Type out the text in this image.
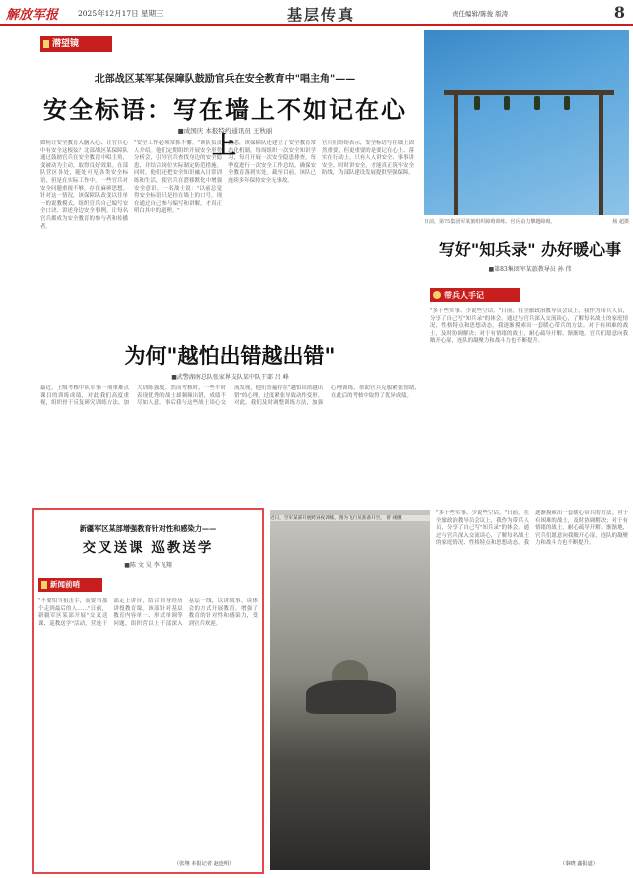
解放军报	2025年12月17日 星期三	基层传真	责任编辑/陈俊 版涛	8
潜望镜
北部战区某军某保障队鼓励官兵在安全教育中"唱主角"——
安全标语：写在墙上不如记在心上
■成国庆 本报特约通讯员 王秋丽
如何让安全教育入脑入心、让官兵心中有安全这根弦？北部战区某保障队通过鼓励官兵在安全教育中唱主角，变被动为主动，取得良好效果。在部队营区各处，随处可见各类安全标语，但是在实际工作中，一些官兵对安全问题重视不够，存在麻痹思想。针对这一情况，该保障队改变以往单一的说教模式，组织官兵自己编写安全口诀、讲述身边安全事例，让每名官兵都成为安全教育的参与者和传播者。
"安全工作必须常抓不懈。"该队负责人介绍。他们定期组织开展安全形势分析会，引导官兵查找身边的安全隐患，并结合岗位实际制定防范措施。同时，他们还把安全知识融入日常训练和生活，使官兵在潜移默化中增强安全意识。一名战士说："以前总觉得安全标语只是挂在墙上的口号，现在通过自己参与编写和讲解，才真正明白其中的道理。"
据悉，该保障队还建立了安全教育常态化机制，每周组织一次安全知识学习，每月开展一次安全隐患排查，每季度进行一次安全工作总结，确保安全教育落到实处。截至目前，该队已连续多年保持安全无事故。
官兵们纷纷表示，安全标语写在墙上固然重要，但更重要的是要记在心上、落实在行动上。只有人人讲安全、事事讲安全、时时讲安全，才能真正筑牢安全防线，为部队建设发展提供坚强保障。
日前，第75集团军某旅组织障碍训练。官兵奋力攀越障碍。	杨 超摄
写好"知兵录" 办好暖心事
■第83集团军某旅教导员 孙 伟
带兵人手记
"多干些实事、少说些空话。"日前，在全旅政治教导员会议上，我作为带兵人员，分享了自己写"知兵录"的体会。通过与官兵深入交流谈心，了解每名战士的家庭情况、性格特点和思想动态，我逐渐摸索出一套暖心带兵的方法。对于有困难的战士，及时协调解决；对于有情绪的战士，耐心疏导开解。渐渐地，官兵们愿意向我敞开心扉，连队的凝聚力和战斗力也不断提升。
为何"越怕出错越出错"
■武警湖南总队张家界支队某中队干部 吕 峰
最近，上级考核中队军事一项重难点课目的训练成绩，对此我们高度重视，组织骨干反复研究训练方法，加大训练强度。然而考核时，一些平时表现优秀的战士却频频出错，成绩不尽如人意。事后我与这些战士谈心交流发现，他们普遍存在"越怕出错越出错"的心理，过度紧张导致动作变形。对此，我们及时调整训练方法，加强心理训练，帮助官兵克服紧张情绪，在此后的考核中取得了优异成绩。
近日，空军某部开展跨昼夜训练，图为飞行员准备升空。 曾 翊摄
新疆军区某部增强教育针对性和感染力——
交叉送课 巡教送学
■陈 文 吴 李飞翔
新闻前哨
"不要怕当狙击手，而要当那个走到最后的人……"日前，新疆军区某部开展"交叉送课、巡教送学"活动，营连干部走上讲台，结合自身经历讲授教育课。该部针对基层教育内容单一、形式单调等问题，组织营以上干部深入基层一线，以讲故事、谈体会的方式开展教育，增强了教育的针对性和感染力，受到官兵欢迎。
（张翔 本报记者 赵连明）
"多干些实事、少说些空话。"日前，在全旅政治教导员会议上，我作为带兵人员，分享了自己写"知兵录"的体会。通过与官兵深入交流谈心，了解每名战士的家庭情况、性格特点和思想动态，我逐渐摸索出一套暖心带兵的方法。对于有困难的战士，及时协调解决；对于有情绪的战士，耐心疏导开解。渐渐地，官兵们愿意向我敞开心扉，连队的凝聚力和战斗力也不断提升。
（秦晓 鑫报道）
